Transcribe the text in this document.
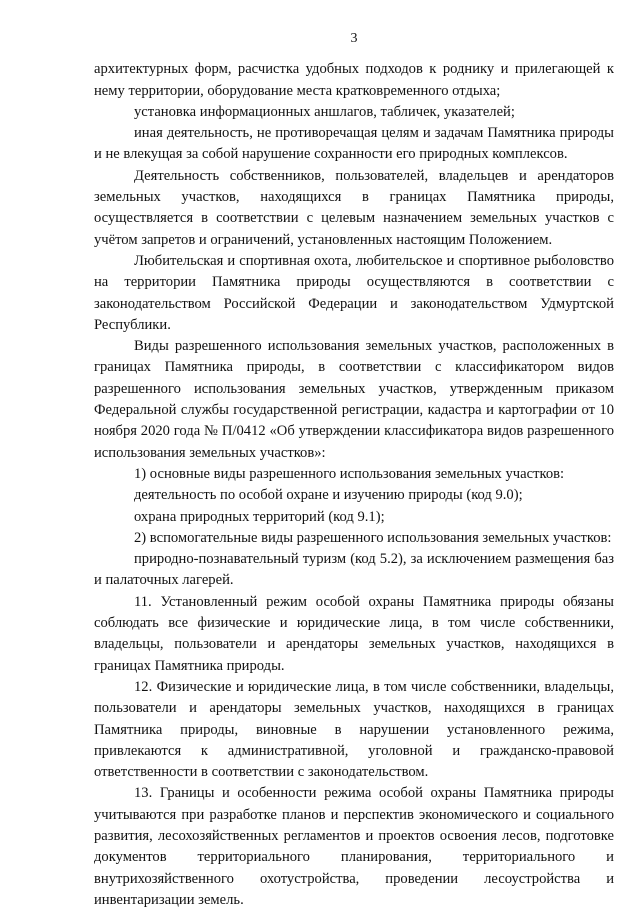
3

архитектурных форм, расчистка удобных подходов к роднику и прилегающей к нему территории, оборудование места кратковременного отдыха;

установка информационных аншлагов, табличек, указателей;

иная деятельность, не противоречащая целям и задачам Памятника природы и не влекущая за собой нарушение сохранности его природных комплексов.

Деятельность собственников, пользователей, владельцев и арендаторов земельных участков, находящихся в границах Памятника природы, осуществляется в соответствии с целевым назначением земельных участков с учётом запретов и ограничений, установленных настоящим Положением.

Любительская и спортивная охота, любительское и спортивное рыболовство на территории Памятника природы осуществляются в соответствии с законодательством Российской Федерации и законодательством Удмуртской Республики.

Виды разрешенного использования земельных участков, расположенных в границах Памятника природы, в соответствии с классификатором видов разрешенного использования земельных участков, утвержденным приказом Федеральной службы государственной регистрации, кадастра и картографии от 10 ноября 2020 года № П/0412 «Об утверждении классификатора видов разрешенного использования земельных участков»:

1) основные виды разрешенного использования земельных участков:

деятельность по особой охране и изучению природы (код 9.0);

охрана природных территорий (код 9.1);

2) вспомогательные виды разрешенного использования земельных участков:

природно-познавательный туризм (код 5.2), за исключением размещения баз и палаточных лагерей.

11. Установленный режим особой охраны Памятника природы обязаны соблюдать все физические и юридические лица, в том числе собственники, владельцы, пользователи и арендаторы земельных участков, находящихся в границах Памятника природы.

12. Физические и юридические лица, в том числе собственники, владельцы, пользователи и арендаторы земельных участков, находящихся в границах Памятника природы, виновные в нарушении установленного режима, привлекаются к административной, уголовной и гражданско-правовой ответственности в соответствии с законодательством.

13. Границы и особенности режима особой охраны Памятника природы учитываются при разработке планов и перспектив экономического и социального развития, лесохозяйственных регламентов и проектов освоения лесов, подготовке документов территориального планирования, территориального и внутрихозяйственного охотустройства, проведении лесоустройства и инвентаризации земель.
